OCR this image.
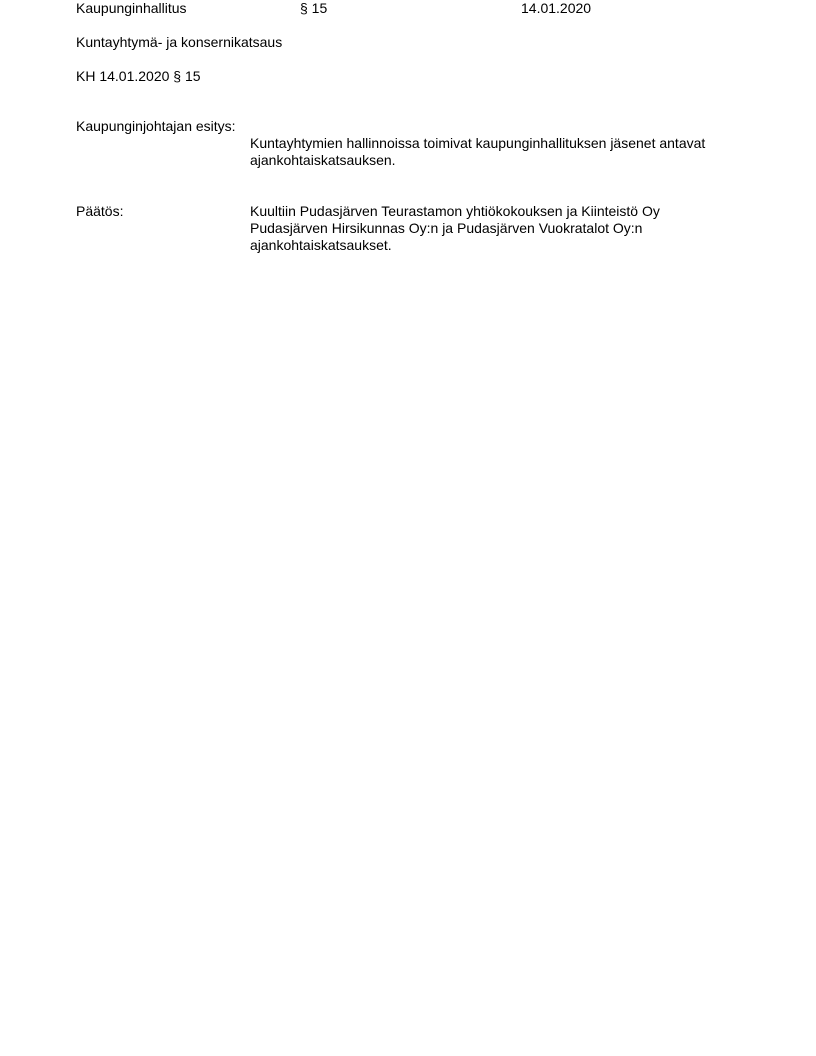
Kaupunginhallitus	§ 15	14.01.2020
Kuntayhtymä- ja konsernikatsaus
KH 14.01.2020 § 15
Kaupunginjohtajan esitys:
Kuntayhtymien hallinnoissa toimivat kaupunginhallituksen jäsenet antavat
ajankohtaiskatsauksen.
Päätös:	Kuultiin Pudasjärven Teurastamon yhtiökokouksen ja Kiinteistö Oy
Pudasjärven Hirsikunnas Oy:n ja Pudasjärven Vuokratalot Oy:n
ajankohtaiskatsaukset.
